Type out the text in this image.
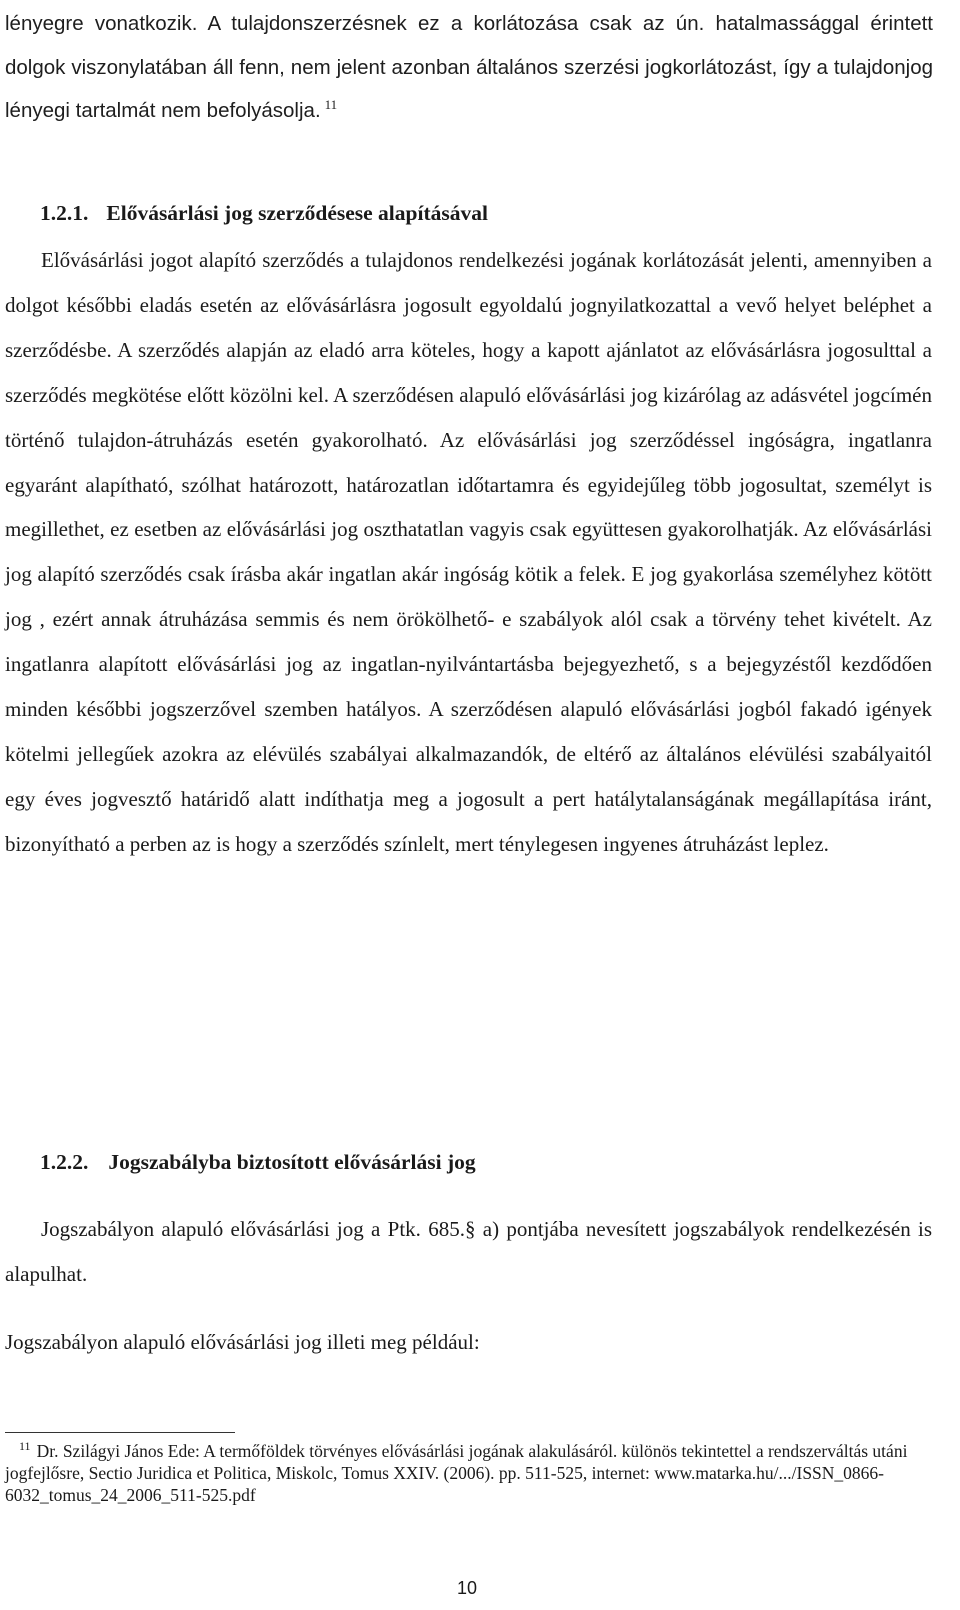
lényegre vonatkozik. A tulajdonszerzésnek ez a korlátozása csak az ún. hatalmassággal érintett dolgok viszonylatában áll fenn, nem jelent azonban általános szerzési jogkorlátozást, így a tulajdonjog lényegi tartalmát nem befolyásolja. $^{11}$

1.2.1. Elővásárlási jog szerződésese alapításával

Elővásárlási jogot alapító szerződés a tulajdonos rendelkezési jogának korlátozását jelenti, amennyiben a dolgot későbbi eladás esetén az elővásárlásra jogosult egyoldalú jognyilatkozattal a vevő helyet beléphet a szerződésbe. A szerződés alapján az eladó arra köteles, hogy a kapott ajánlatot az elővásárlásra jogosulttal a szerződés megkötése előtt közölni kel. A szerződésen alapuló elővásárlási jog kizárólag az adásvétel jogcímén történő tulajdon-átruházás esetén gyakorolható. Az elővásárlási jog szerződéssel ingóságra, ingatlanra egyaránt alapítható, szólhat határozott, határozatlan időtartamra és egyidejűleg több jogosultat, személyt is megillethet, ez esetben az elővásárlási jog oszthatatlan vagyis csak együttesen gyakorolhatják. Az elővásárlási jog alapító szerződés csak írásba akár ingatlan akár ingóság kötik a felek. E jog gyakorlása személyhez kötött jog , ezért annak átruházása semmis és nem örökölhető- e szabályok alól csak a törvény tehet kivételt. Az ingatlanra alapított elővásárlási jog az ingatlan-nyilvántartásba bejegyezhető, s a bejegyzéstől kezdődően minden későbbi jogszerzővel szemben hatályos. A szerződésen alapuló elővásárlási jogból fakadó igények kötelmi jellegűek azokra az elévülés szabályai alkalmazandók, de eltérő az általános elévülési szabályaitól egy éves jogvesztő határidő alatt indíthatja meg a jogosult a pert hatálytalanságának megállapítása iránt, bizonyítható a perben az is hogy a szerződés színlelt, mert ténylegesen ingyenes átruházást leplez.

1.2.2. Jogszabályba biztosított elővásárlási jog

Jogszabályon alapuló elővásárlási jog a Ptk. 685.§ a) pontjába nevesített jogszabályok rendelkezésén is alapulhat.

Jogszabályon alapuló elővásárlási jog illeti meg például:

$^{11}$ Dr. Szilágyi János Ede: A termőföldek törvényes elővásárlási jogának alakulásáról. különös tekintettel a rendszerváltás utáni jogfejlősre, Sectio Juridica et Politica, Miskolc, Tomus XXIV. (2006). pp. 511-525, internet: www.matarka.hu/.../ISSN_0866-6032_tomus_24_2006_511-525.pdf
10
